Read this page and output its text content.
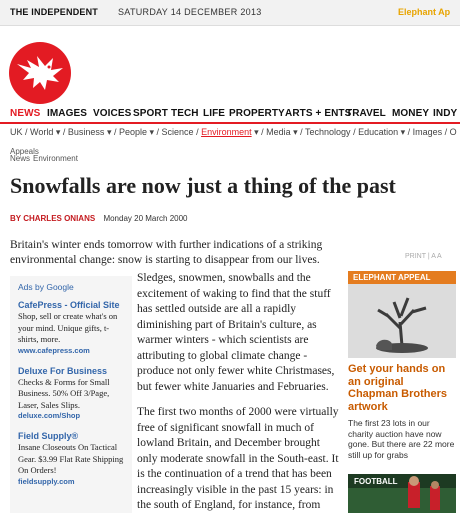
THE INDEPENDENT SATURDAY 14 DECEMBER 2013	Elephant Ap
NEWS IMAGES VOICES SPORT TECH LIFE PROPERTY ARTS + ENTS
TRAVEL MONEY INDY
UK / World ▾ / Business ▾ / People ▾ / Science / Environment ▾ / Media ▾ / Technology / Education ▾ / Images / O
Appeals
News Environment
Snowfalls are now just a thing of the past
BY CHARLES ONIANS Monday 20 March 2000

Britain's winter ends tomorrow with further indications of a striking environmental change: snow is starting to disappear from our lives.	PRINT | A A
Ads by Google
CafePress - Official Site
Shop, sell or create what's on your mind. Unique gifts, t-shirts, more.
www.cafepress.com
Deluxe For Business
Checks & Forms for Small Business. 50% Off 3/Page, Laser, Sales Slips.
deluxe.com/Shop
Field Supply®
Insane Closeouts On Tactical Gear. $3.99 Flat Rate Shipping On Orders!
fieldsupply.com

Sledges, snowmen, snowballs and the excitement of waking to find that the stuff has settled outside are all a rapidly diminishing part of Britain's culture, as warmer winters - which scientists are attributing to global climate change - produce not only fewer white Christmases, but fewer white Januaries and Februaries.

The first two months of 2000 were virtually free of significant snowfall in much of lowland Britain, and December brought only moderate snowfall in the South-east. It is the continuation of a trend that has been increasingly visible in the past 15 years: in the south of England, for instance, from

ELEPHANT APPEAL
Get your hands on an original Chapman Brothers artwork
The first 23 lots in our charity auction have now gone. But there are 22 more still up for grabs
FOOTBALL
